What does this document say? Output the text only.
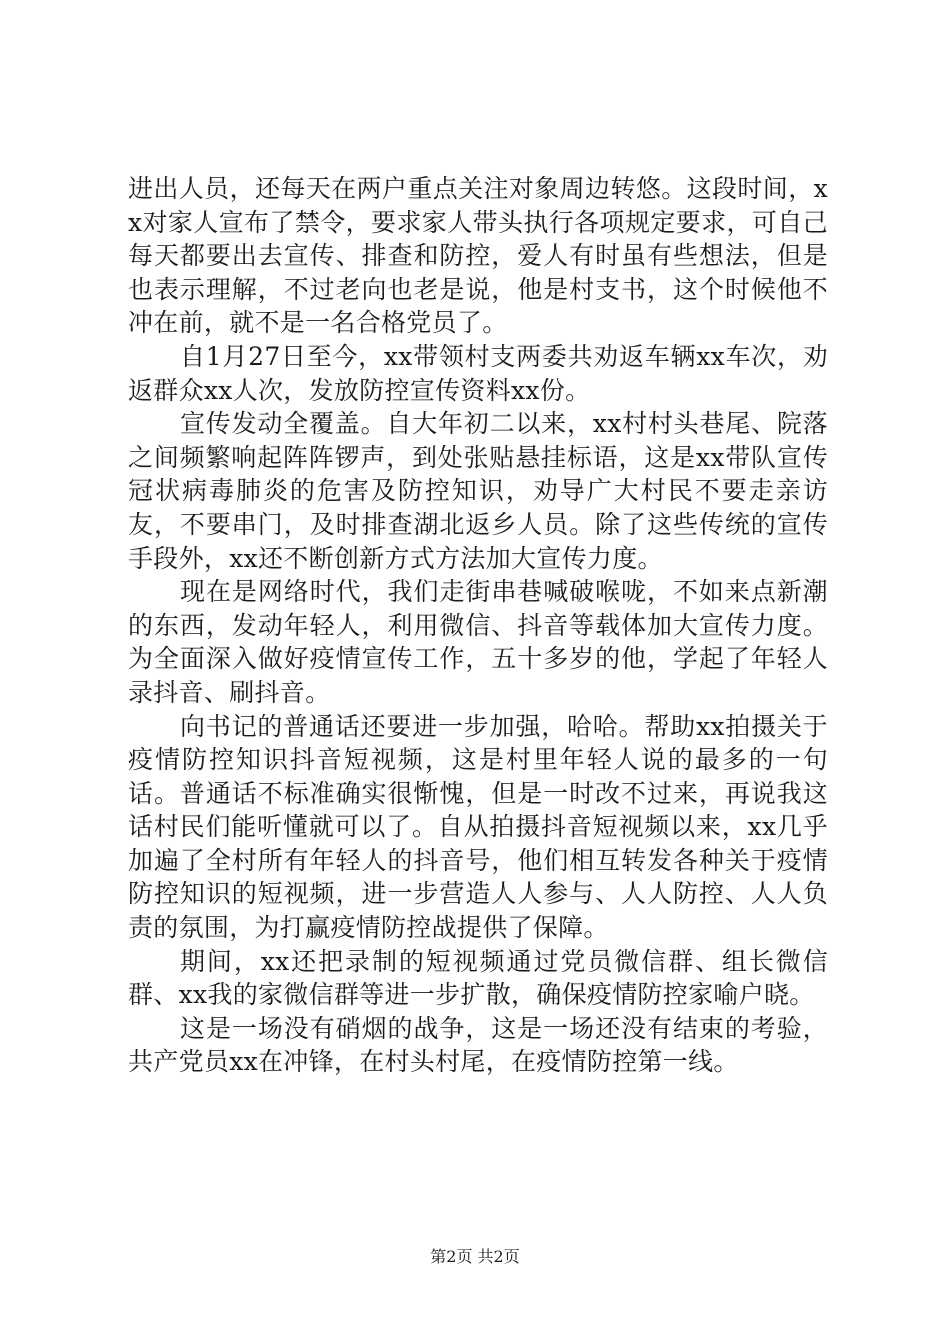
进出人员，还每天在两户重点关注对象周边转悠。这段时间，xx对家人宣布了禁令，要求家人带头执行各项规定要求，可自己每天都要出去宣传、排查和防控，爱人有时虽有些想法，但是也表示理解，不过老向也老是说，他是村支书，这个时候他不冲在前，就不是一名合格党员了。

自1月27日至今，xx带领村支两委共劝返车辆xx车次，劝返群众xx人次，发放防控宣传资料xx份。

宣传发动全覆盖。自大年初二以来，xx村村头巷尾、院落之间频繁响起阵阵锣声，到处张贴悬挂标语，这是xx带队宣传冠状病毒肺炎的危害及防控知识，劝导广大村民不要走亲访友，不要串门，及时排查湖北返乡人员。除了这些传统的宣传手段外，xx还不断创新方式方法加大宣传力度。

现在是网络时代，我们走街串巷喊破喉咙，不如来点新潮的东西，发动年轻人，利用微信、抖音等载体加大宣传力度。为全面深入做好疫情宣传工作，五十多岁的他，学起了年轻人录抖音、刷抖音。

向书记的普通话还要进一步加强，哈哈。帮助xx拍摄关于疫情防控知识抖音短视频，这是村里年轻人说的最多的一句话。普通话不标准确实很惭愧，但是一时改不过来，再说我这话村民们能听懂就可以了。自从拍摄抖音短视频以来，xx几乎加遍了全村所有年轻人的抖音号，他们相互转发各种关于疫情防控知识的短视频，进一步营造人人参与、人人防控、人人负责的氛围，为打赢疫情防控战提供了保障。

期间，xx还把录制的短视频通过党员微信群、组长微信群、xx我的家微信群等进一步扩散，确保疫情防控家喻户晓。

这是一场没有硝烟的战争，这是一场还没有结束的考验，共产党员xx在冲锋，在村头村尾，在疫情防控第一线。

第2页 共2页
